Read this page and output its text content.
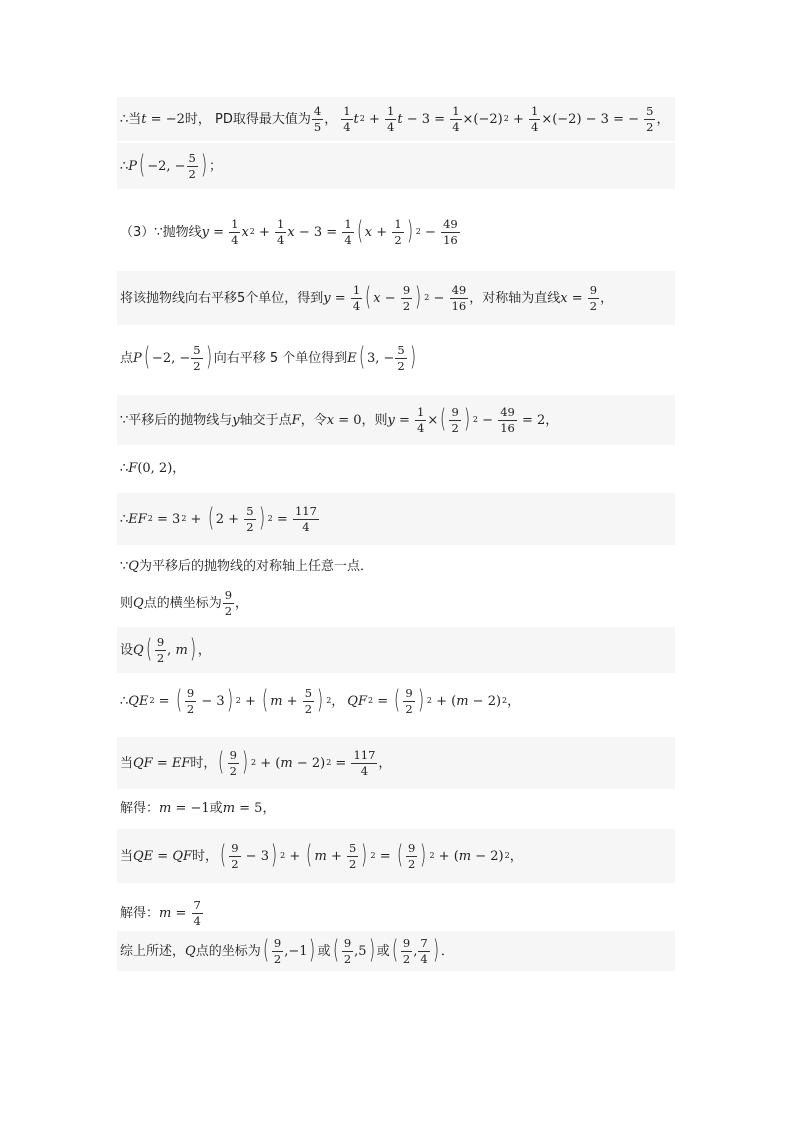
∴ 当 t = −2 时，
PD取得最大值为 $\frac{4}{5}$ ， $\frac{1}{4}$ t $2 + \frac{1}{4}$ $t - 3 = \frac{1}{4} \times(-2) 2 + \frac{1}{4} \times(-2) - 3$ = − $\frac{5}{2}$ ，
∴ P ( −2, − $\frac{5}{2}$ ) ；
（3） ∵ 抛物线 $y = \frac{1}{4}$ x $2 + \frac{1}{4}$ $x - 3 = \frac{1}{4}$ ( $x + \frac{1}{2}$ ) $2 - \frac{49}{16}$
将该抛物线向右平移5个单位，得到 $y = \frac{1}{4}$ ( $x - \frac{9}{2}$ ) $2 - \frac{49}{16}$ ，对称轴为直线 $x = \frac{9}{2}$ ，
点 P ( −2, − $\frac{5}{2}$ ) 向右平移 5 个单位得到 E ( 3, − $\frac{5}{2}$ )
∵ 平移后的抛物线与 y 轴交于点 F ，令 x = 0 ，则 $y = \frac{1}{4}$ × ( $\frac{9}{2}$ ) $2 - \frac{49}{16} = 2$ ，
∴ F (0, 2) ，
∴ EF 2 = 3 2 + ( $2 + \frac{5}{2}$ ) $2 = \frac{117}{4}$
∵ Q 为平移后的抛物线的对称轴上任意一点．
则 Q 点的横坐标为 $\frac{9}{2}$ ，
设 Q ( $\frac{9}{2}$ , m ) ，
∴ QE 2 = ( $\frac{9}{2} - 3$ ) 2 + ( $m + \frac{5}{2}$ ) 2 ， QF 2 = ( $\frac{9}{2}$ ) 2 + ( m − 2) 2 ，
当 QF = EF 时， ( $\frac{9}{2}$ ) 2 + ( m − 2) $2 = \frac{117}{4}$ ，
解得： m = −1 或 m = 5 ，
当 QE = QF 时， ( $\frac{9}{2} - 3$ ) 2 + ( $m + \frac{5}{2}$ ) 2 = ( $\frac{9}{2}$ ) 2 + ( m − 2) 2 ，
解得： $m = \frac{7}{4}$
综上所述， Q 点的坐标为 ( $\frac{9}{2} ,-1$ ) 或 ( $\frac{9}{2} ,5$ ) 或 ( $\frac{9}{2}$ , $\frac{7}{4}$ ) ．
